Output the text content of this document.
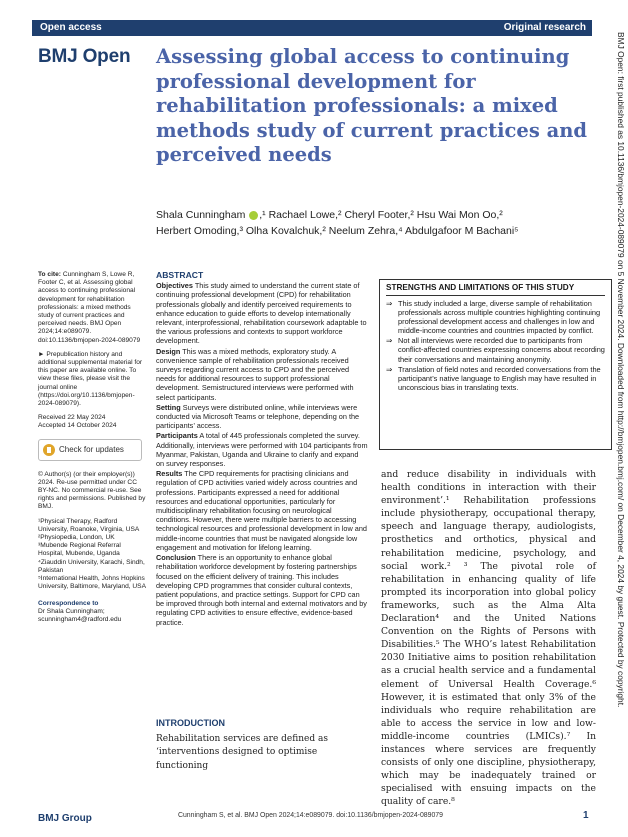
Open access	Original research
BMJ Open Assessing global access to continuing professional development for rehabilitation professionals: a mixed methods study of current practices and perceived needs
Shala Cunningham ,¹ Rachael Lowe,² Cheryl Footer,² Hsu Wai Mon Oo,²
Herbert Omoding,³ Olha Kovalchuk,² Neelum Zehra,⁴ Abdulgafoor M Bachani⁵	BMJ Open: first published as 10.1136/bmjopen-2024-089079 on 5 November 2024. Downloaded from http://bmjopen.bmj.com/ on December 4, 2024 by guest. Protected by copyright.

To cite: Cunningham S, Lowe R, Footer C, et al. Assessing global access to continuing professional development for rehabilitation professionals: a mixed methods study of current practices and perceived needs. BMJ Open 2024;14:e089079. doi:10.1136/bmjopen-2024-089079

► Prepublication history and additional supplemental material for this paper are available online. To view these files, please visit the journal online (https://doi.org/10.1136/bmjopen-2024-089079).

Received 22 May 2024

Accepted 14 October 2024

Check for updates

© Author(s) (or their employer(s)) 2024. Re-use permitted under CC BY-NC. No commercial re-use. See rights and permissions. Published by BMJ.

¹Physical Therapy, Radford University, Roanoke, Virginia, USA
²Physiopedia, London, UK
³Mubende Regional Referral Hospital, Mubende, Uganda
⁴Ziauddin University, Karachi, Sindh, Pakistan
⁵International Health, Johns Hopkins University, Baltimore, Maryland, USA

Correspondence to

Dr Shala Cunningham; scunningham4@radford.edu
ABSTRACT

Objectives This study aimed to understand the current state of continuing professional development (CPD) for rehabilitation professionals globally and identify perceived requirements to enhance education to guide efforts to develop internationally relevant, interprofessional, rehabilitation coursework adaptable to the various professions and contexts to support workforce development.

Design This was a mixed methods, exploratory study. A convenience sample of rehabilitation professionals received surveys regarding current access to CPD and the perceived needs for additional resources to support professional development. Semistructured interviews were performed with select participants.

Setting Surveys were distributed online, while interviews were conducted via Microsoft Teams or telephone, depending on the participants’ access.

Participants A total of 445 professionals completed the survey. Additionally, interviews were performed with 104 participants from Myanmar, Pakistan, Uganda and Ukraine to clarify and expand on survey responses.

Results The CPD requirements for practising clinicians and regulation of CPD activities varied widely across countries and professions. Participants expressed a need for additional resources and educational opportunities, particularly for multidisciplinary rehabilitation focusing on neurological conditions. However, there were multiple barriers to accessing technological resources and professional development in low and middle-income countries that must be navigated alongside low engagement and motivation for lifelong learning.

Conclusion There is an opportunity to enhance global rehabilitation workforce development by fostering partnerships focused on the efficient delivery of training. This includes developing CPD programmes that consider cultural contexts, patient populations, and practice settings. Support for CPD can be improved through both internal and external motivators and by regulating CPD activities to ensure effective, evidence-based practice.

STRENGTHS AND LIMITATIONS OF THIS STUDY
⇒ This study included a large, diverse sample of rehabilitation professionals across multiple countries highlighting continuing professional development access and challenges in low and middle-income countries and countries impacted by conflict.
⇒ Not all interviews were recorded due to participants from conflict-affected countries expressing concerns about recording their conversations and maintaining anonymity.
⇒ Translation of field notes and recorded conversations from the participant’s native language to English may have resulted in unconscious bias in translating texts.
INTRODUCTION

Rehabilitation services are defined as ‘interventions designed to optimise functioning

and reduce disability in individuals with health conditions in interaction with their environment’.¹ Rehabilitation professions include physiotherapy, occupational therapy, speech and language therapy, audiologists, prosthetics and orthotics, physical and rehabilitation medicine, psychology, and social work.² ³ The pivotal role of rehabilitation in enhancing quality of life prompted its incorporation into global policy frameworks, such as the Alma Alta Declaration⁴ and the United Nations Convention on the Rights of Persons with Disabilities.⁵ The WHO’s latest Rehabilitation 2030 Initiative aims to position rehabilitation as a crucial health service and a fundamental element of Universal Health Coverage.⁶ However, it is estimated that only 3% of the individuals who require rehabilitation are able to access the service in low and low-middle-income countries (LMICs).⁷ In instances where services are frequently consists of only one discipline, physiotherapy, which may be inadequately trained or specialised with ensuing impacts on the quality of care.⁸

BMJ Group	Cunningham S, et al. BMJ Open 2024;14:e089079. doi:10.1136/bmjopen-2024-089079	1
